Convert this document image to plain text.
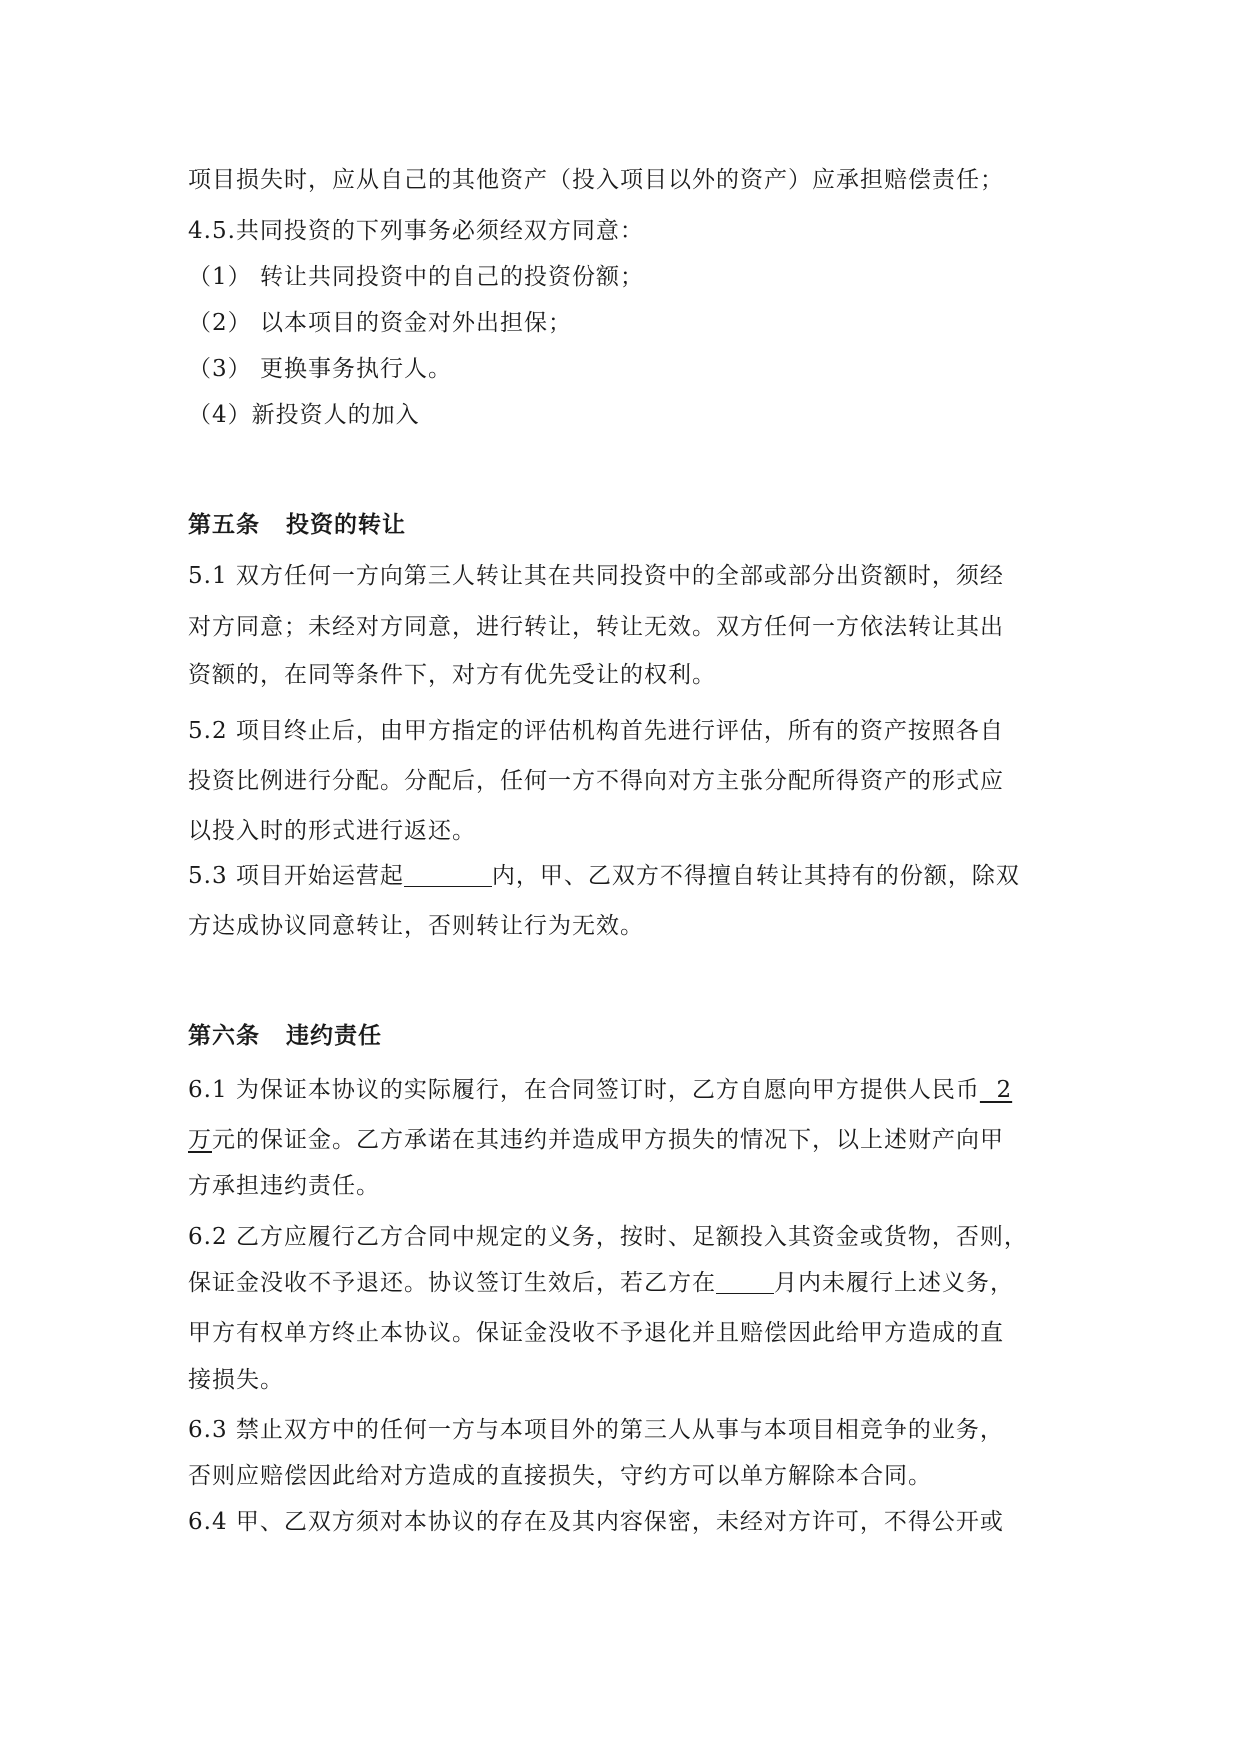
项目损失时，应从自己的其他资产（投入项目以外的资产）应承担赔偿责任；
4.5.共同投资的下列事务必须经双方同意：
（1） 转让共同投资中的自己的投资份额；
（2） 以本项目的资金对外出担保；
（3） 更换事务执行人。
（4）新投资人的加入
第五条 投资的转让
5.1 双方任何一方向第三人转让其在共同投资中的全部或部分出资额时，须经
对方同意；未经对方同意，进行转让，转让无效。双方任何一方依法转让其出
资额的，在同等条件下，对方有优先受让的权利。
5.2 项目终止后，由甲方指定的评估机构首先进行评估，所有的资产按照各自
投资比例进行分配。分配后，任何一方不得向对方主张分配所得资产的形式应
以投入时的形式进行返还。
5.3 项目开始运营起	内，甲、乙双方不得擅自转让其持有的份额，除双
方达成协议同意转让，否则转让行为无效。
第六条 违约责任
6.1 为保证本协议的实际履行，在合同签订时，乙方自愿向甲方提供人民币  2
万元的保证金。乙方承诺在其违约并造成甲方损失的情况下，以上述财产向甲
方承担违约责任。
6.2 乙方应履行乙方合同中规定的义务，按时、足额投入其资金或货物，否则，
保证金没收不予退还。协议签订生效后，若乙方在	月内未履行上述义务，
甲方有权单方终止本协议。保证金没收不予退化并且赔偿因此给甲方造成的直
接损失。
6.3 禁止双方中的任何一方与本项目外的第三人从事与本项目相竞争的业务，
否则应赔偿因此给对方造成的直接损失，守约方可以单方解除本合同。
6.4 甲、乙双方须对本协议的存在及其内容保密，未经对方许可，不得公开或
